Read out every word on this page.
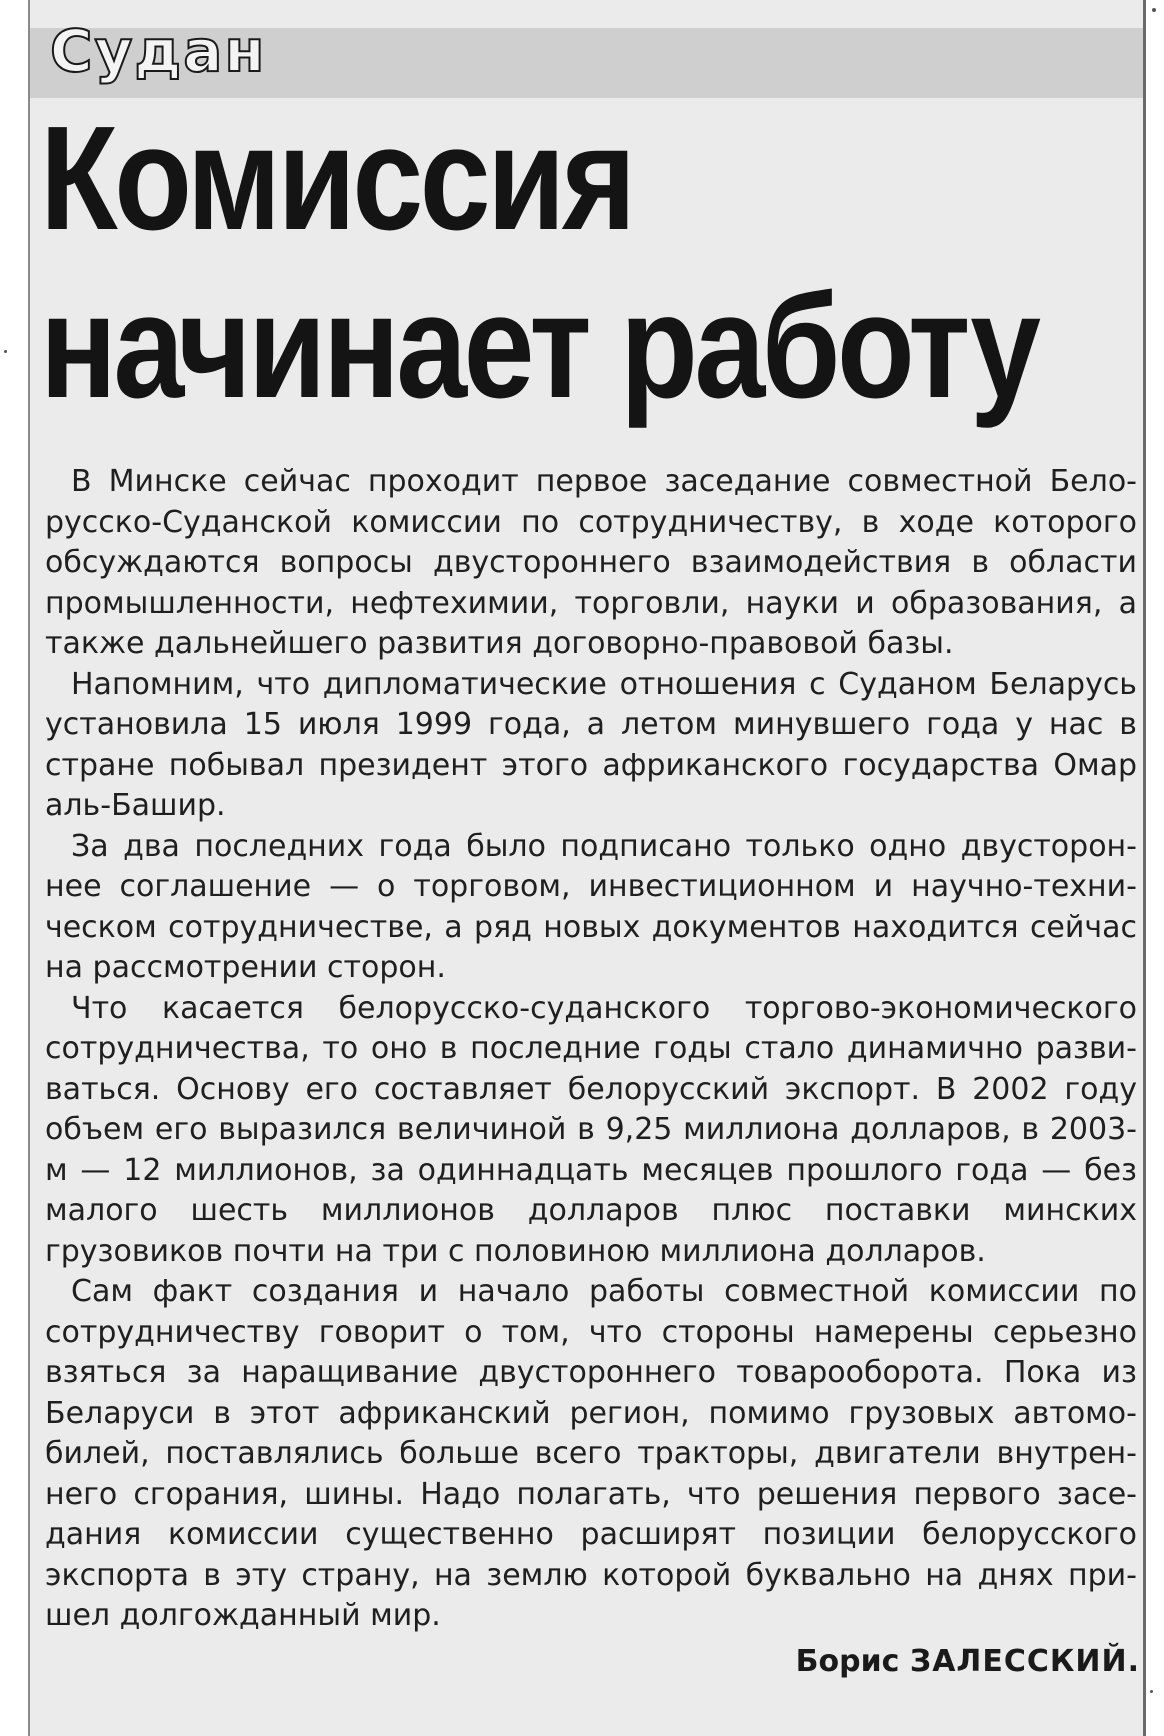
Судан
Комиссия
начинает работу

В Минске сейчас проходит первое заседание совместной Белорусско-Суданской комиссии по сотрудничеству, в ходе которого обсуждаются вопросы двустороннего взаимодействия в области промышленности, нефтехимии, торговли, науки и образования, а также дальнейшего развития договорно-правовой базы.

Напомним, что дипломатические отношения с Суданом Беларусь установила 15 июля 1999 года, а летом минувшего года у нас в стране побывал президент этого африканского государства Омар аль-Башир.

За два последних года было подписано только одно двустороннее соглашение — о торговом, инвестиционном и научно-техническом сотрудничестве, а ряд новых документов находится сейчас на рассмотрении сторон.

Что касается белорусско-суданского торгово-экономического сотрудничества, то оно в последние годы стало динамично развиваться. Основу его составляет белорусский экспорт. В 2002 году объем его выразился величиной в 9,25 миллиона долларов, в 2003-м — 12 миллионов, за одиннадцать месяцев прошлого года — без малого шесть миллионов долларов плюс поставки минских грузовиков почти на три с половиною миллиона долларов.

Сам факт создания и начало работы совместной комиссии по сотрудничеству говорит о том, что стороны намерены серьезно взяться за наращивание двустороннего товарооборота. Пока из Беларуси в этот африканский регион, помимо грузовых автомобилей, поставлялись больше всего тракторы, двигатели внутреннего сгорания, шины. Надо полагать, что решения первого заседания комиссии существенно расширят позиции белорусского экспорта в эту страну, на землю которой буквально на днях пришел долгожданный мир.

Борис ЗАЛЕССКИЙ.
